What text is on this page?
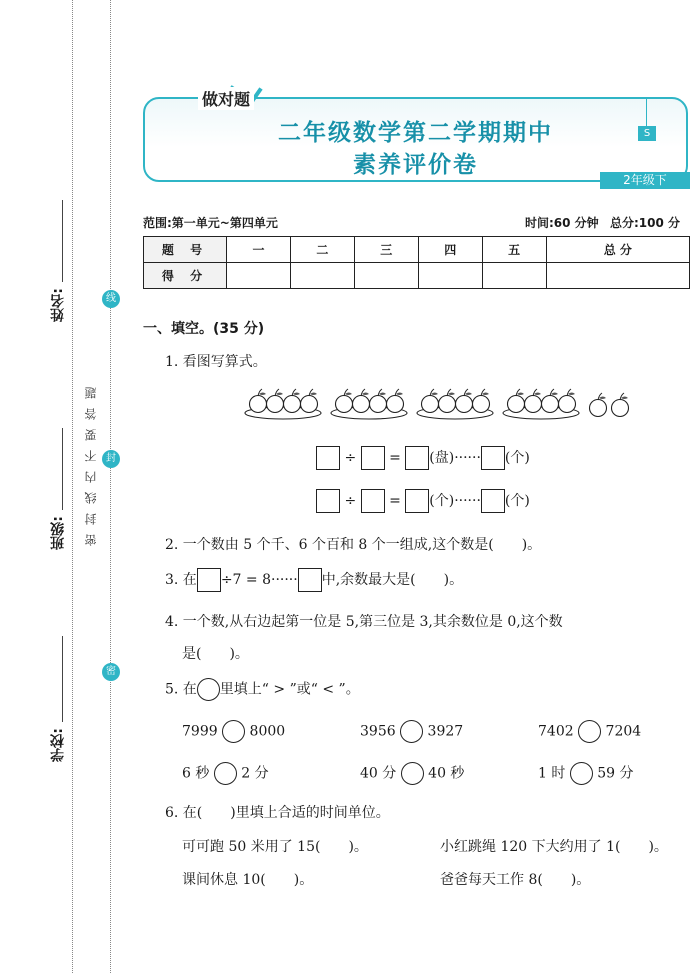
姓名:
班级:
学校:
线
封
密
密封线内不要答题
做对题
二年级数学第二学期期中
素养评价卷
S
2年级下
范围:第一单元~第四单元	时间:60 分钟 总分:100 分
题 号	一	二	三	四	五	总 分
得 分						
一、填空。(35 分)
1. 看图写算式。
÷ = (盘)······ (个)
÷ = (个)······ (个)
2. 一个数由 5 个千、6 个百和 8 个一组成,这个数是(　　)。
3. 在 ÷7 = 8······ 中,余数最大是(　　)。
4. 一个数,从右边起第一位是 5,第三位是 3,其余数位是 0,这个数
是(　　)。
5. 在 里填上“ > ”或“ < ”。
7999 8000	3956 3927	7402 7204
6 秒 2 分	40 分 40 秒	1 时 59 分
6. 在(　　)里填上合适的时间单位。
可可跑 50 米用了 15(　　)。	小红跳绳 120 下大约用了 1(　　)。
课间休息 10(　　)。	爸爸每天工作 8(　　)。
